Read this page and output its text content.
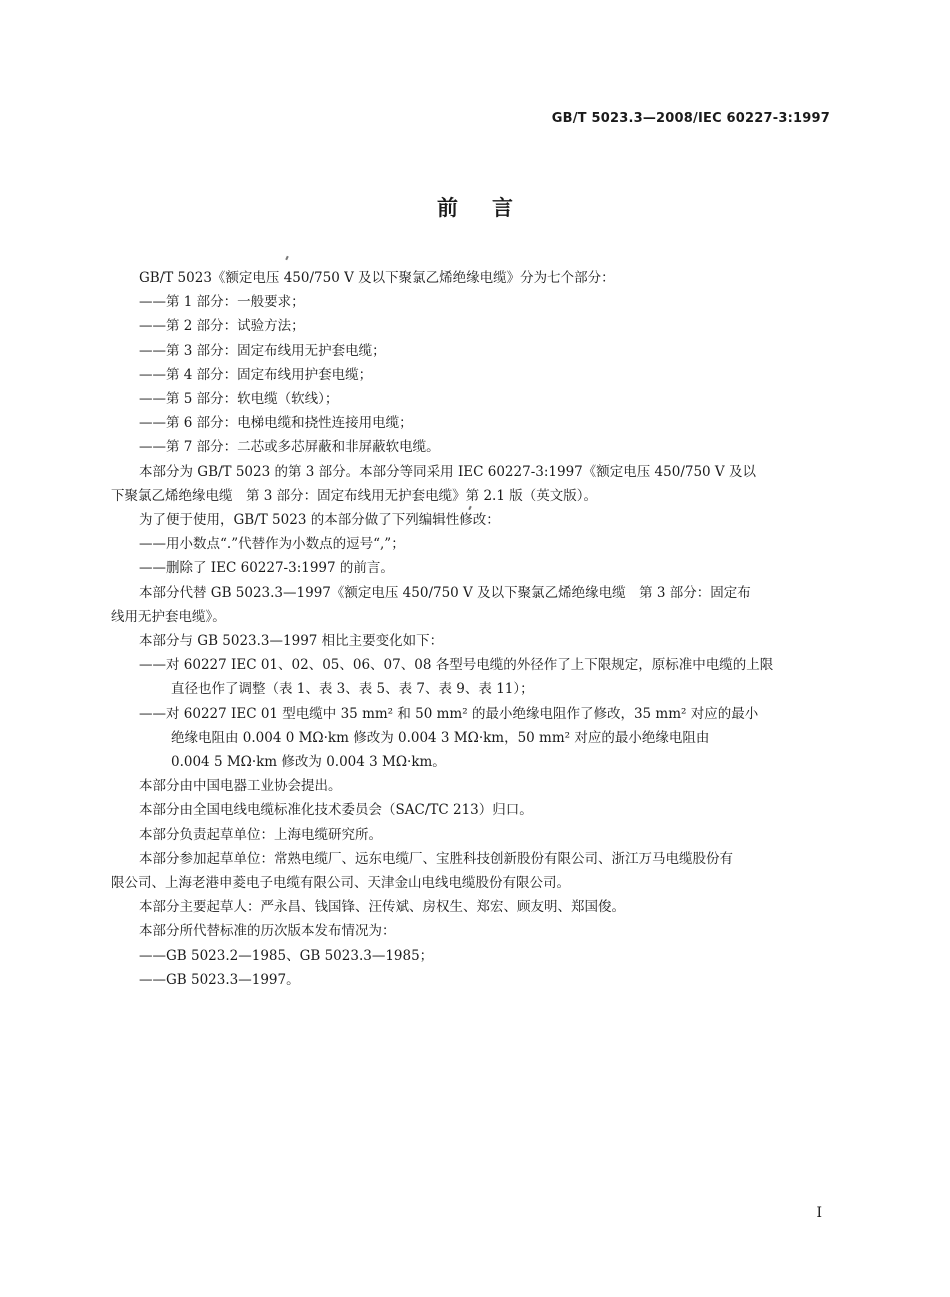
GB/T 5023.3—2008/IEC 60227-3:1997
前言
GB/T 5023《额定电压 450/750 V 及以下聚氯乙烯绝缘电缆》分为七个部分：
——第 1 部分：一般要求；
——第 2 部分：试验方法；
——第 3 部分：固定布线用无护套电缆；
——第 4 部分：固定布线用护套电缆；
——第 5 部分：软电缆（软线）；
——第 6 部分：电梯电缆和挠性连接用电缆；
——第 7 部分：二芯或多芯屏蔽和非屏蔽软电缆。
本部分为 GB/T 5023 的第 3 部分。本部分等同采用 IEC 60227-3:1997《额定电压 450/750 V 及以
下聚氯乙烯绝缘电缆　第 3 部分：固定布线用无护套电缆》第 2.1 版（英文版）。
为了便于使用，GB/T 5023 的本部分做了下列编辑性修改：
——用小数点“.”代替作为小数点的逗号“,”；
——删除了 IEC 60227-3:1997 的前言。
本部分代替 GB 5023.3—1997《额定电压 450/750 V 及以下聚氯乙烯绝缘电缆　第 3 部分：固定布
线用无护套电缆》。
本部分与 GB 5023.3—1997 相比主要变化如下：
——对 60227 IEC 01、02、05、06、07、08 各型号电缆的外径作了上下限规定，原标准中电缆的上限
直径也作了调整（表 1、表 3、表 5、表 7、表 9、表 11）；
——对 60227 IEC 01 型电缆中 35 mm² 和 50 mm² 的最小绝缘电阻作了修改，35 mm² 对应的最小
绝缘电阻由 0.004 0 MΩ·km 修改为 0.004 3 MΩ·km，50 mm² 对应的最小绝缘电阻由
0.004 5 MΩ·km 修改为 0.004 3 MΩ·km。
本部分由中国电器工业协会提出。
本部分由全国电线电缆标准化技术委员会（SAC/TC 213）归口。
本部分负责起草单位：上海电缆研究所。
本部分参加起草单位：常熟电缆厂、远东电缆厂、宝胜科技创新股份有限公司、浙江万马电缆股份有
限公司、上海老港申菱电子电缆有限公司、天津金山电线电缆股份有限公司。
本部分主要起草人：严永昌、钱国锋、汪传斌、房权生、郑宏、顾友明、郑国俊。
本部分所代替标准的历次版本发布情况为：
——GB 5023.2—1985、GB 5023.3—1985；
——GB 5023.3—1997。
I
